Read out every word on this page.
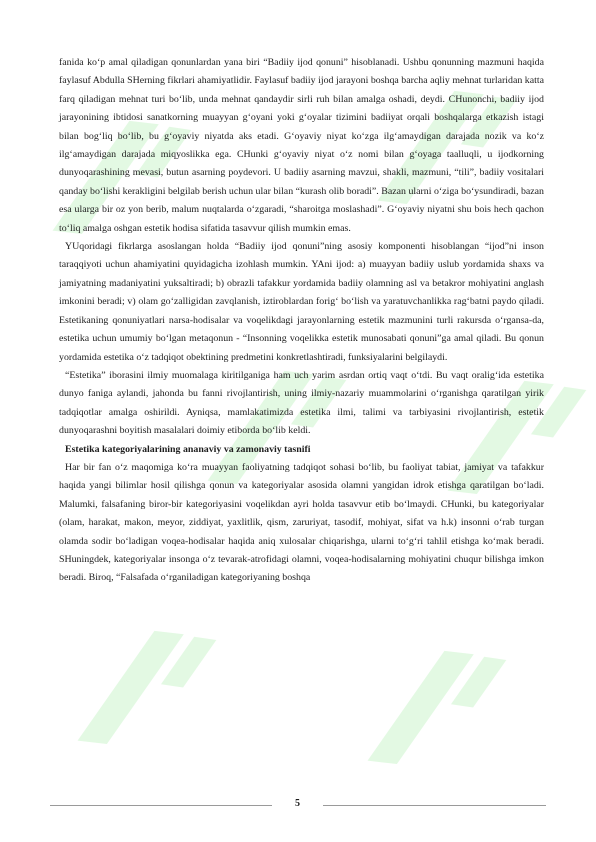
fanida ko‘p amal qiladigan qonunlardan yana biri “Badiiy ijod qonuni” hisoblanadi. Ushbu qonunning mazmuni haqida faylasuf Abdulla SHerning fikrlari ahamiyatlidir. Faylasuf badiiy ijod jarayoni boshqa barcha aqliy mehnat turlaridan katta farq qiladigan mehnat turi bo‘lib, unda mehnat qandaydir sirli ruh bilan amalga oshadi, deydi. CHunonchi, badiiy ijod jarayonining ibtidosi sanatkorning muayyan g‘oyani yoki g‘oyalar tizimini badiiyat orqali boshqalarga etkazish istagi bilan bog‘liq bo‘lib, bu g‘oyaviy niyatda aks etadi. G‘oyaviy niyat ko‘zga ilg‘amaydigan darajada nozik va ko‘z ilg‘amaydigan darajada miqyoslikka ega. CHunki g‘oyaviy niyat o‘z nomi bilan g‘oyaga taalluqli, u ijodkorning dunyoqarashining mevasi, butun asarning poydevori. U badiiy asarning mavzui, shakli, mazmuni, “tili”, badiiy vositalari qanday bo‘lishi kerakligini belgilab berish uchun ular bilan “kurash olib boradi”. Bazan ularni o‘ziga bo‘ysundiradi, bazan esa ularga bir oz yon berib, malum nuqtalarda o‘zgaradi, “sharoitga moslashadi”. G‘oyaviy niyatni shu bois hech qachon to‘liq amalga oshgan estetik hodisa sifatida tasavvur qilish mumkin emas.

YUqoridagi fikrlarga asoslangan holda “Badiiy ijod qonuni”ning asosiy komponenti hisoblangan “ijod”ni inson taraqqiyoti uchun ahamiyatini quyidagicha izohlash mumkin. YAni ijod: a) muayyan badiiy uslub yordamida shaxs va jamiyatning madaniyatini yuksaltiradi; b) obrazli tafakkur yordamida badiiy olamning asl va betakror mohiyatini anglash imkonini beradi; v) olam go‘zalligidan zavqlanish, iztiroblardan forig‘ bo‘lish va yaratuvchanlikka rag‘batni paydo qiladi. Estetikaning qonuniyatlari narsa-hodisalar va voqelikdagi jarayonlarning estetik mazmunini turli rakursda o‘rgansa-da, estetika uchun umumiy bo‘lgan metaqonun - “Insonning voqelikka estetik munosabati qonuni”ga amal qiladi. Bu qonun yordamida estetika o‘z tadqiqot obektining predmetini konkretlashtiradi, funksiyalarini belgilaydi.

“Estetika” iborasini ilmiy muomalaga kiritilganiga ham uch yarim asrdan ortiq vaqt o‘tdi. Bu vaqt oralig‘ida estetika dunyo faniga aylandi, jahonda bu fanni rivojlantirish, uning ilmiy-nazariy muammolarini o‘rganishga qaratilgan yirik tadqiqotlar amalga oshirildi. Ayniqsa, mamlakatimizda estetika ilmi, talimi va tarbiyasini rivojlantirish, estetik dunyoqarashni boyitish masalalari doimiy etiborda bo‘lib keldi.

Estetika kategoriyalarining ananaviy va zamonaviy tasnifi

Har bir fan o‘z maqomiga ko‘ra muayyan faoliyatning tadqiqot sohasi bo‘lib, bu faoliyat tabiat, jamiyat va tafakkur haqida yangi bilimlar hosil qilishga qonun va kategoriyalar asosida olamni yangidan idrok etishga qaratilgan bo‘ladi. Malumki, falsafaning biror-bir kategoriyasini voqelikdan ayri holda tasavvur etib bo‘lmaydi. CHunki, bu kategoriyalar (olam, harakat, makon, meyor, ziddiyat, yaxlitlik, qism, zaruriyat, tasodif, mohiyat, sifat va h.k) insonni o‘rab turgan olamda sodir bo‘ladigan voqea-hodisalar haqida aniq xulosalar chiqarishga, ularni to‘g‘ri tahlil etishga ko‘mak beradi. SHuningdek, kategoriyalar insonga o‘z tevarak-atrofidagi olamni, voqea-hodisalarning mohiyatini chuqur bilishga imkon beradi. Biroq, “Falsafada o‘rganiladigan kategoriyaning boshqa

5
